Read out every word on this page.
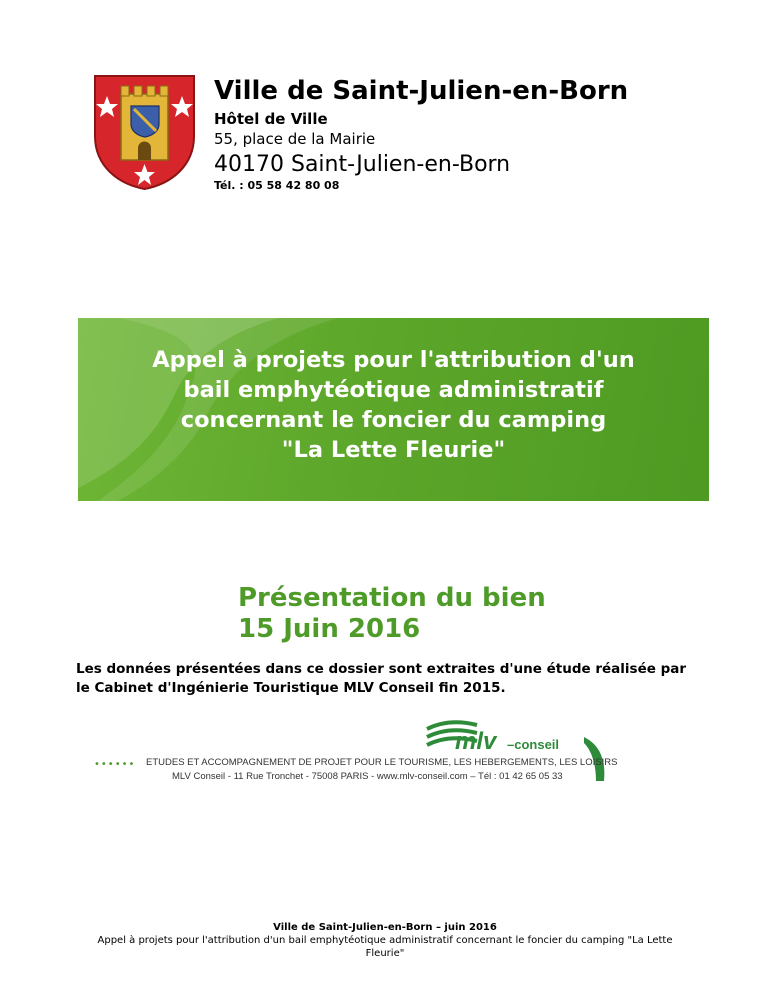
Ville de Saint-Julien-en-Born
Hôtel de Ville
55, place de la Mairie
40170 Saint-Julien-en-Born
Tél. : 05 58 42 80 08
Appel à projets pour l'attribution d'un
bail emphytéotique administratif
concernant le foncier du camping
"La Lette Fleurie"
Présentation du bien
15 Juin 2016
Les données présentées dans ce dossier sont extraites d'une étude réalisée par le Cabinet d'Ingénierie Touristique MLV Conseil fin 2015.
mlv –conseil
•••••• ETUDES ET ACCOMPAGNEMENT DE PROJET POUR LE TOURISME, LES HEBERGEMENTS, LES LOISIRS
MLV Conseil - 11 Rue Tronchet - 75008 PARIS - www.mlv-conseil.com – Tél : 01 42 65 05 33
Ville de Saint-Julien-en-Born – juin 2016
Appel à projets pour l'attribution d'un bail emphytéotique administratif concernant le foncier du camping "La Lette Fleurie"
